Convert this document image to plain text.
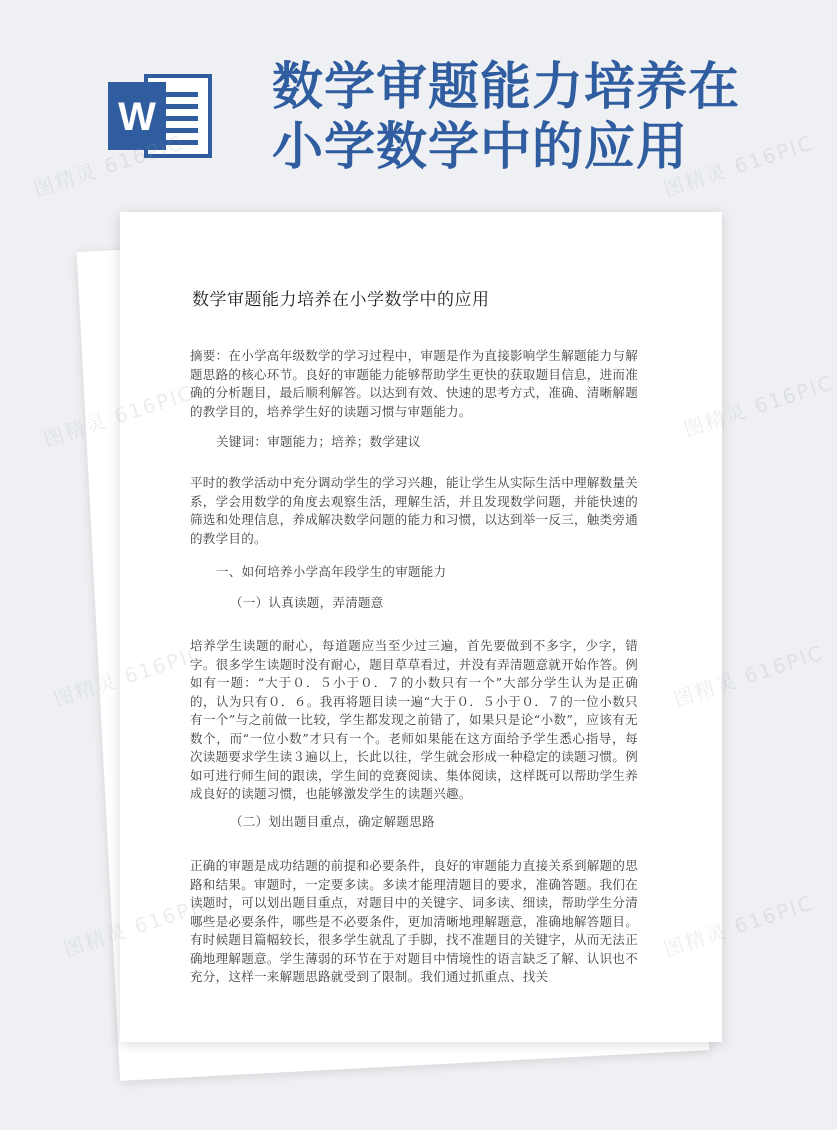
W 数学审题能力培养在小学数学中的应用
数学审题能力培养在小学数学中的应用
摘要：在小学高年级数学的学习过程中，审题是作为直接影响学生解题能力与解题思路的核心环节。良好的审题能力能够帮助学生更快的获取题目信息，进而准确的分析题目，最后顺利解答。以达到有效、快速的思考方式，准确、清晰解题的教学目的，培养学生好的读题习惯与审题能力。
关键词：审题能力；培养；数学建议
平时的教学活动中充分调动学生的学习兴趣，能让学生从实际生活中理解数量关系，学会用数学的角度去观察生活，理解生活，并且发现数学问题，并能快速的筛选和处理信息，养成解决数学问题的能力和习惯，以达到举一反三，触类旁通的教学目的。
一、如何培养小学高年段学生的审题能力
（一）认真读题，弄清题意
培养学生读题的耐心，每道题应当至少过三遍，首先要做到不多字，少字，错字。很多学生读题时没有耐心，题目草草看过，并没有弄清题意就开始作答。例如有一题：“大于０．５小于０．７的小数只有一个”大部分学生认为是正确的，认为只有０．６。我再将题目读一遍“大于０．５小于０．７的一位小数只有一个”与之前做一比较，学生都发现之前错了，如果只是论“小数”，应该有无数个，而“一位小数”才只有一个。老师如果能在这方面给予学生悉心指导，每次读题要求学生读３遍以上，长此以往，学生就会形成一种稳定的读题习惯。例如可进行师生间的跟读，学生间的竞赛阅读、集体阅读，这样既可以帮助学生养成良好的读题习惯，也能够激发学生的读题兴趣。
（二）划出题目重点，确定解题思路
正确的审题是成功结题的前提和必要条件，良好的审题能力直接关系到解题的思路和结果。审题时，一定要多读。多读才能理清题目的要求，准确答题。我们在读题时，可以划出题目重点，对题目中的关键字、词多读、细读，帮助学生分清哪些是必要条件，哪些是不必要条件，更加清晰地理解题意，准确地解答题目。有时候题目篇幅较长，很多学生就乱了手脚，找不准题目的关键字，从而无法正确地理解题意。学生薄弱的环节在于对题目中情境性的语言缺乏了解、认识也不充分，这样一来解题思路就受到了限制。我们通过抓重点、找关
图精灵 616PIC	图精灵 616PIC
图精灵	图精灵 616PIC
图精灵	图精灵 616PIC
图精灵	图精灵 616PIC
